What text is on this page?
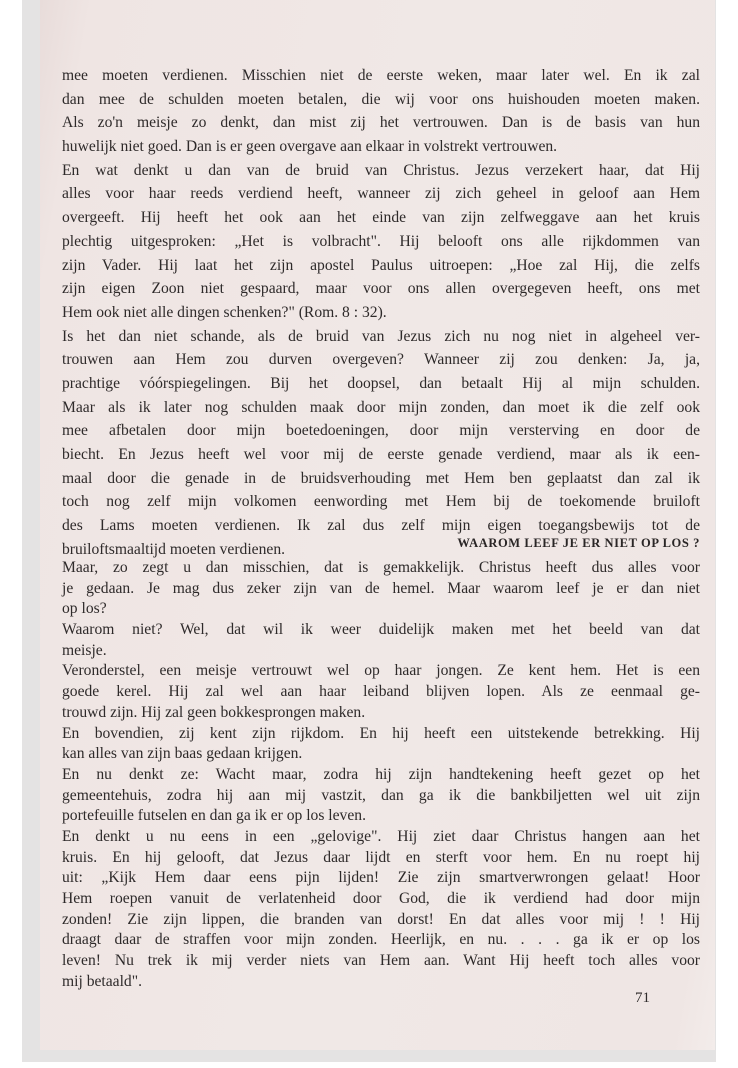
mee moeten verdienen. Misschien niet de eerste weken, maar later wel. En ik zal
dan mee de schulden moeten betalen, die wij voor ons huishouden moeten maken.
Als zo'n meisje zo denkt, dan mist zij het vertrouwen. Dan is de basis van hun
huwelijk niet goed. Dan is er geen overgave aan elkaar in volstrekt vertrouwen.
En wat denkt u dan van de bruid van Christus. Jezus verzekert haar, dat Hij
alles voor haar reeds verdiend heeft, wanneer zij zich geheel in geloof aan Hem
overgeeft. Hij heeft het ook aan het einde van zijn zelfweggave aan het kruis
plechtig uitgesproken: „Het is volbracht". Hij belooft ons alle rijkdommen van
zijn Vader. Hij laat het zijn apostel Paulus uitroepen: „Hoe zal Hij, die zelfs
zijn eigen Zoon niet gespaard, maar voor ons allen overgegeven heeft, ons met
Hem ook niet alle dingen schenken?" (Rom. 8 : 32).
Is het dan niet schande, als de bruid van Jezus zich nu nog niet in algeheel ver-
trouwen aan Hem zou durven overgeven? Wanneer zij zou denken: Ja, ja,
prachtige vóórspiegelingen. Bij het doopsel, dan betaalt Hij al mijn schulden.
Maar als ik later nog schulden maak door mijn zonden, dan moet ik die zelf ook
mee afbetalen door mijn boetedoeningen, door mijn versterving en door de
biecht. En Jezus heeft wel voor mij de eerste genade verdiend, maar als ik een-
maal door die genade in de bruidsverhouding met Hem ben geplaatst dan zal ik
toch nog zelf mijn volkomen eenwording met Hem bij de toekomende bruiloft
des Lams moeten verdienen. Ik zal dus zelf mijn eigen toegangsbewijs tot de
bruiloftsmaaltijd moeten verdienen.	WAAROM LEEF JE ER NIET OP LOS ?
Maar, zo zegt u dan misschien, dat is gemakkelijk. Christus heeft dus alles voor
je gedaan. Je mag dus zeker zijn van de hemel. Maar waarom leef je er dan niet
op los?
Waarom niet? Wel, dat wil ik weer duidelijk maken met het beeld van dat
meisje.
Veronderstel, een meisje vertrouwt wel op haar jongen. Ze kent hem. Het is een
goede kerel. Hij zal wel aan haar leiband blijven lopen. Als ze eenmaal ge-
trouwd zijn. Hij zal geen bokkesprongen maken.
En bovendien, zij kent zijn rijkdom. En hij heeft een uitstekende betrekking. Hij
kan alles van zijn baas gedaan krijgen.
En nu denkt ze: Wacht maar, zodra hij zijn handtekening heeft gezet op het
gemeentehuis, zodra hij aan mij vastzit, dan ga ik die bankbiljetten wel uit zijn
portefeuille futselen en dan ga ik er op los leven.
En denkt u nu eens in een „gelovige". Hij ziet daar Christus hangen aan het
kruis. En hij gelooft, dat Jezus daar lijdt en sterft voor hem. En nu roept hij
uit: „Kijk Hem daar eens pijn lijden! Zie zijn smartverwrongen gelaat! Hoor
Hem roepen vanuit de verlatenheid door God, die ik verdiend had door mijn
zonden! Zie zijn lippen, die branden van dorst! En dat alles voor mij ! ! Hij
draagt daar de straffen voor mijn zonden. Heerlijk, en nu. . . . ga ik er op los
leven! Nu trek ik mij verder niets van Hem aan. Want Hij heeft toch alles voor
mij betaald".
71
